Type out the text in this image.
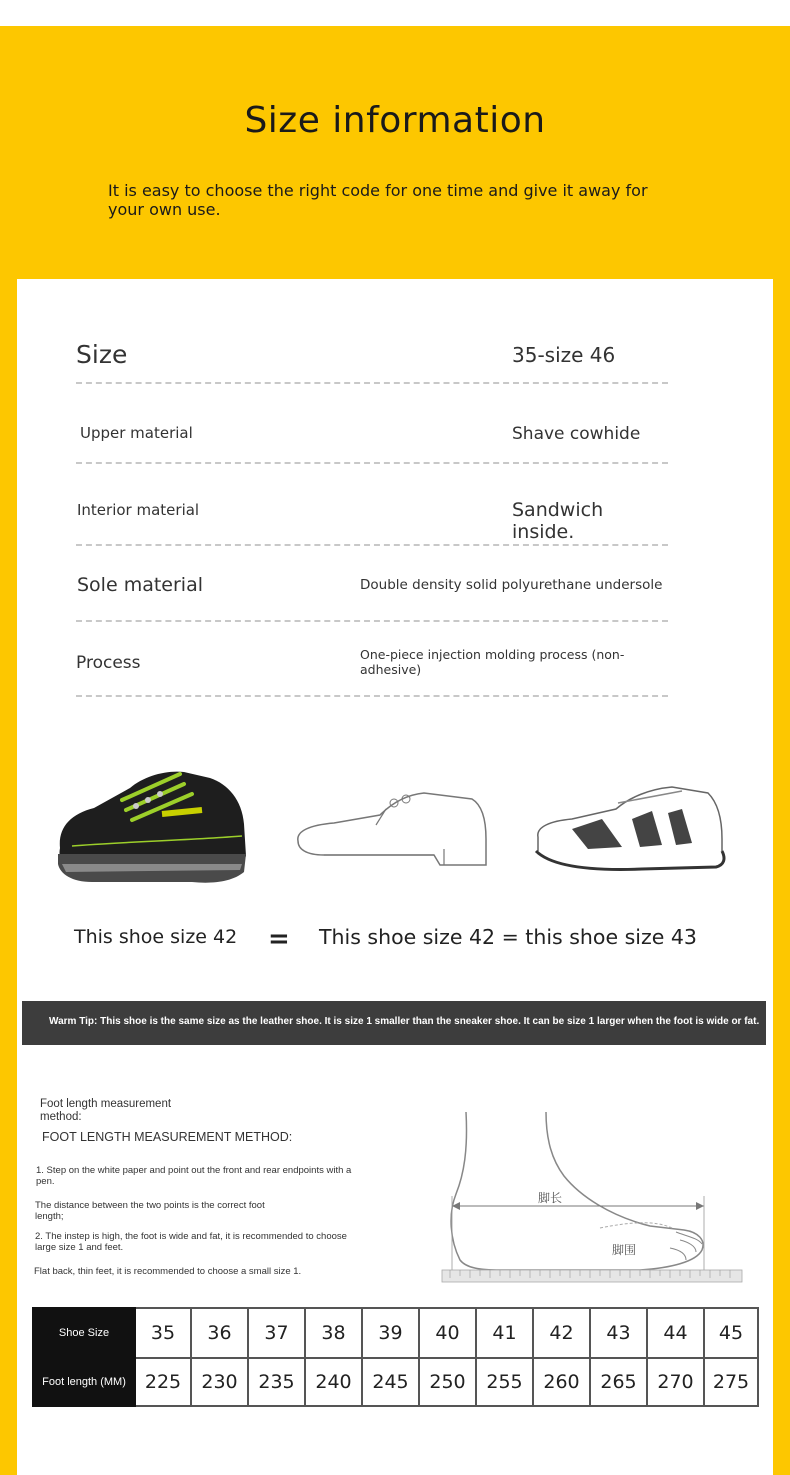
Size information
It is easy to choose the right code for one time and give it away for your own use.
Size	35-size 46
Upper material	Shave cowhide
Interior material	Sandwich inside.
Sole material	Double density solid polyurethane undersole
Process	One-piece injection molding process (non-adhesive)
This shoe size 42 = This shoe size 42 = this shoe size 43
Warm Tip: This shoe is the same size as the leather shoe. It is size 1 smaller than the sneaker shoe. It can be size 1 larger when the foot is wide or fat.
Foot length measurement method:
FOOT LENGTH MEASUREMENT METHOD:
1. Step on the white paper and point out the front and rear endpoints with a pen.
The distance between the two points is the correct foot length;
2. The instep is high, the foot is wide and fat, it is recommended to choose large size 1 and feet.
Flat back, thin feet, it is recommended to choose a small size 1.
脚长
脚围
Shoe Size	35	36	37	38	39	40	41	42	43	44	45
Foot length (MM)	225	230	235	240	245	250	255	260	265	270	275
